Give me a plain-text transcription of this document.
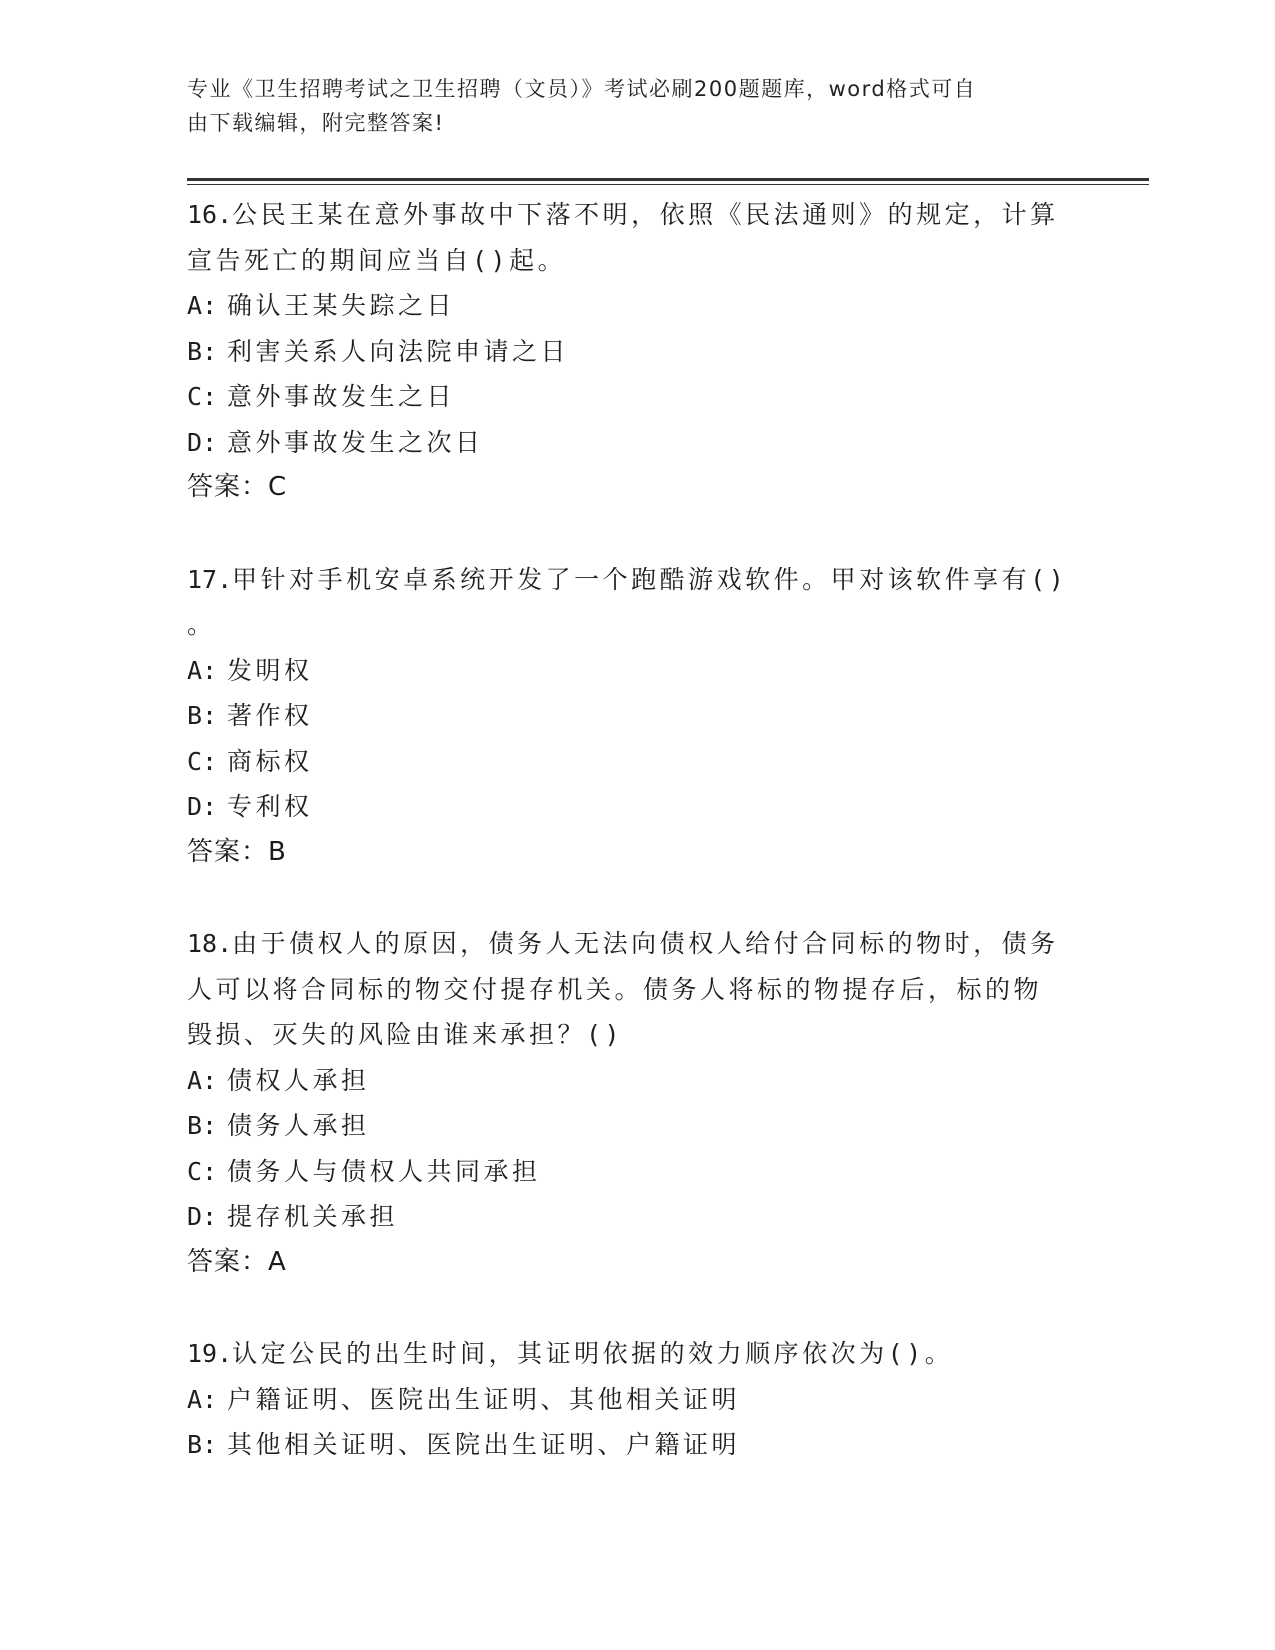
专业《卫生招聘考试之卫生招聘（文员）》考试必刷200题题库，word格式可自
由下载编辑，附完整答案!
16.公民王某在意外事故中下落不明，依照《民法通则》的规定，计算
宣告死亡的期间应当自()起。
A: 确认王某失踪之日
B: 利害关系人向法院申请之日
C: 意外事故发生之日
D: 意外事故发生之次日
答案：C
17.甲针对手机安卓系统开发了一个跑酷游戏软件。甲对该软件享有()
。
A: 发明权
B: 著作权
C: 商标权
D: 专利权
答案：B
18.由于债权人的原因，债务人无法向债权人给付合同标的物时，债务
人可以将合同标的物交付提存机关。债务人将标的物提存后，标的物
毁损、灭失的风险由谁来承担？()
A: 债权人承担
B: 债务人承担
C: 债务人与债权人共同承担
D: 提存机关承担
答案：A
19.认定公民的出生时间，其证明依据的效力顺序依次为()。
A: 户籍证明、医院出生证明、其他相关证明
B: 其他相关证明、医院出生证明、户籍证明
